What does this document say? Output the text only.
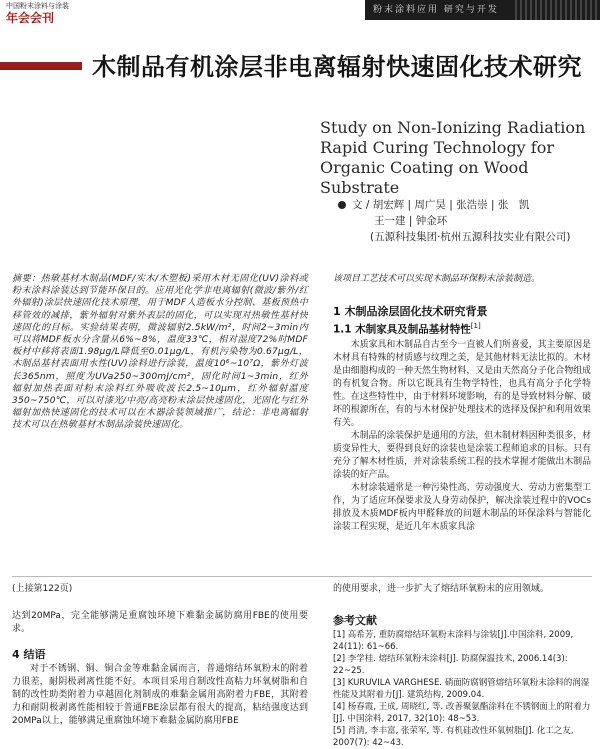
中国粉末涂料与涂装
年会会刊
粉末涂料应用 研究与开发
木制品有机涂层非电离辐射快速固化技术研究
Study on Non-Ionizing Radiation Rapid Curing Technology for Organic Coating on Wood Substrate
文 / 胡宏辉 | 周广昊 | 张浩崇 | 张　凯
王一建 | 钟金环
(五源科技集团·杭州五源科技实业有限公司)

摘要：热敏基材木制品(MDF/实木/木塑板)采用木材无固化(UV)涂料或粉末涂料涂装达到节能环保目的。应用光化学非电离辐射(微波/紫外/红外辐射)涂层快速固化技术原理，用于MDF人造板水分控制、基板预热中移管效的减排，紫外辐射对紫外表层的固化，可以实现对热敏性基材快速固化的目标。实验结果表明，微波辐射2.5kW/m²，时间2~3min内可以将MDF板水分含量从6%~8%，温度33℃，相对湿度72%时MDF板材中移将表面1.98μg/L降低至0.01μg/L，有机污染物为0.67μg/L，木制品基材表面用水性(UV)涂料进行涂装，温度10⁶~10⁷Ω，紫外灯波长365nm，照度为UVa250~300mJ/cm²，固化时间1~3min，红外辐射加热表面对粉末涂料红外吸收波长2.5~10μm，红外辐射温度350~750℃，可以对漆光/中亮/高亮粉末涂层快速固化，光固化与红外辐射加热快速固化的技术可以在木器涂装领域推广，结论：非电离辐射技术可以在热敏基材木制品涂装快速固化。

该项目工艺技术可以实现木制品环保粉末涂装制造。

1 木制品涂层固化技术研究背景
1.1 木制家具及制品基材特性[1]

木质家具和木制品自古至今一直被人们所喜爱，其主要原因是木材具有特殊的材质感与纹理之美，是其他材料无法比拟的。木材是由细胞构成的一种天然生物材料，又是由天然高分子化合物组成的有机复合物。所以它既具有生物学特性，也具有高分子化学特性。在这些特性中，由于材料环境影响，有的是导致材料分解、破坏的根源所在，有的与木材保护处理技术的选择及保护和利用效果有关。

木制品的涂装保护是通用的方法，但木制材料因种类很多，材质变异性大，要得到良好的涂装也是涂装工程师追求的目标。只有充分了解木材性质，并对涂装系统工程的技术掌握才能做出木制品涂装的好产品。

木材涂装通常是一种污染性高、劳动强度大、劳动力密集型工作，为了适应环保要求及人身劳动保护，解决涂装过程中的VOCs排放及木质MDF板内甲醛释放的问题木制品的环保涂料与智能化涂装工程实现，是近几年木质家具涂

(上接第122页)

达到20MPa，完全能够满足重腐蚀环境下难黏金属防腐用FBE的使用要求。

4 结语

对于不锈钢、铜、铜合金等难黏金属而言，普通熔结环氧粉末的附着力很差，耐阴极剥离性能不好。本项目采用自制改性高粘力环氧树脂和自制的改性助类附着力卓越固化剂制成的难黏金属用高附着力FBE，其附着力和耐阴极剥离性能相较于普通FBE涂层都有很大的提高，粘结强度达到20MPa以上，能够满足重腐蚀环境下难黏金属防腐用FBE

的使用要求，进一步扩大了熔结环氧粉末的应用领域。

参考文献
[1] 高希芳, 重防腐熔结环氧粉末涂料与涂装[J].中国涂料, 2009, 24(11): 61~66.
[2] 李学桂. 熔结环氧粉末涂料[J]. 防腐保温技术, 2006.14(3): 22~25.
[3] KURUVILA VARGHESE. 硝面防腐钢管熔结环氧粉末涂料的润湿性能及其附着力[J]. 建筑结构, 2009.04.
[4] 杨春霞, 王成, 周晓红, 等. 改善聚氨酯涂料在不锈钢面上的附着力[J]. 中国涂料, 2017, 32(10): 48~53.
[5] 肖清, 李丰富, 张荣军, 等. 有机硅改性环氧树脂[J]. 化工之友, 2007(7): 42~43.
